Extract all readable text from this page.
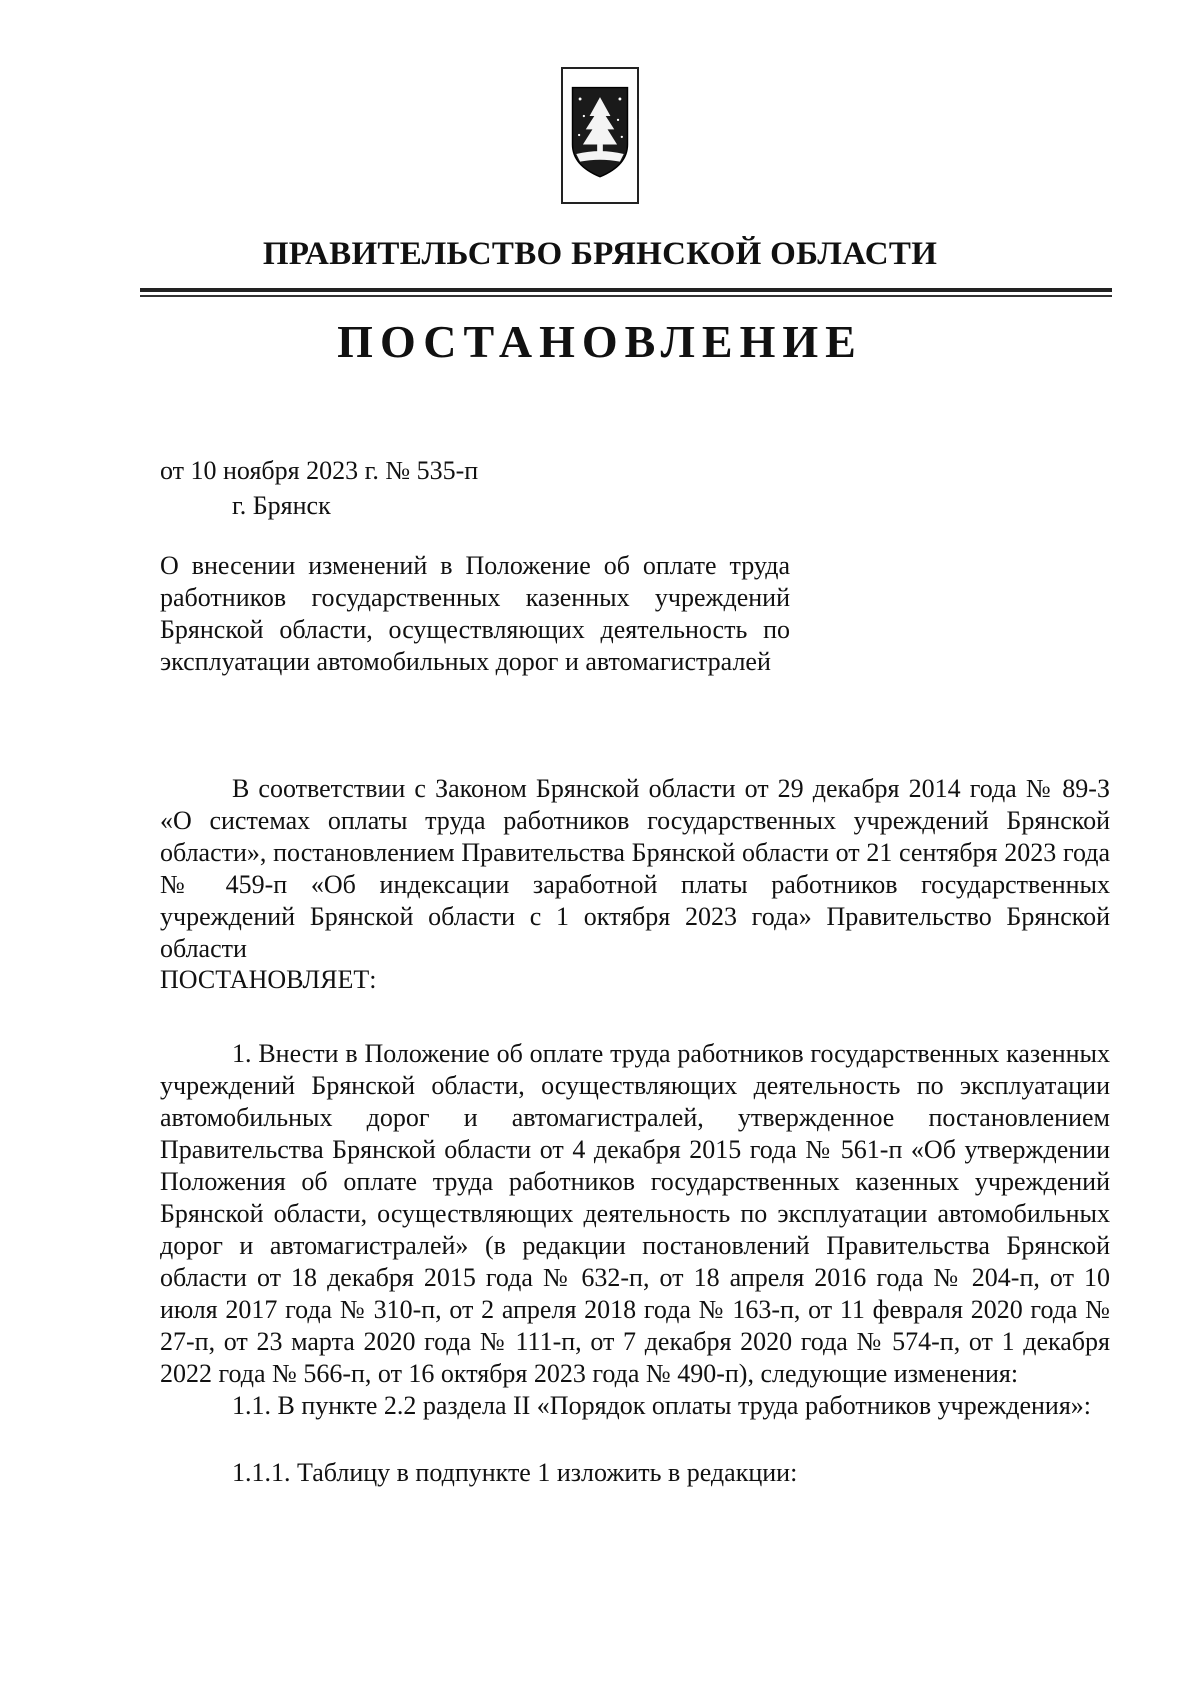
ПРАВИТЕЛЬСТВО БРЯНСКОЙ ОБЛАСТИ
ПОСТАНОВЛЕНИЕ
от 10 ноября 2023 г. № 535-п
г. Брянск
О внесении изменений в Положение об оплате труда работников государственных казенных учреждений Брянской области, осуществляющих деятельность по эксплуатации автомобильных дорог и автомагистралей
В соответствии с Законом Брянской области от 29 декабря 2014 года № 89-З «О системах оплаты труда работников государственных учреждений Брянской области», постановлением Правительства Брянской области от 21 сентября 2023 года № 459-п «Об индексации заработной платы работников государственных учреждений Брянской области с 1 октября 2023 года» Правительство Брянской области
ПОСТАНОВЛЯЕТ:
1. Внести в Положение об оплате труда работников государственных казенных учреждений Брянской области, осуществляющих деятельность по эксплуатации автомобильных дорог и автомагистралей, утвержденное постановлением Правительства Брянской области от 4 декабря 2015 года № 561-п «Об утверждении Положения об оплате труда работников государственных казенных учреждений Брянской области, осуществляющих деятельность по эксплуатации автомобильных дорог и автомагистралей» (в редакции постановлений Правительства Брянской области от 18 декабря 2015 года № 632-п, от 18 апреля 2016 года № 204-п, от 10 июля 2017 года № 310-п, от 2 апреля 2018 года № 163-п, от 11 февраля 2020 года № 27-п, от 23 марта 2020 года № 111-п, от 7 декабря 2020 года № 574-п, от 1 декабря 2022 года № 566-п, от 16 октября 2023 года № 490-п), следующие изменения:
1.1. В пункте 2.2 раздела II «Порядок оплаты труда работников учреждения»:
1.1.1. Таблицу в подпункте 1 изложить в редакции:
